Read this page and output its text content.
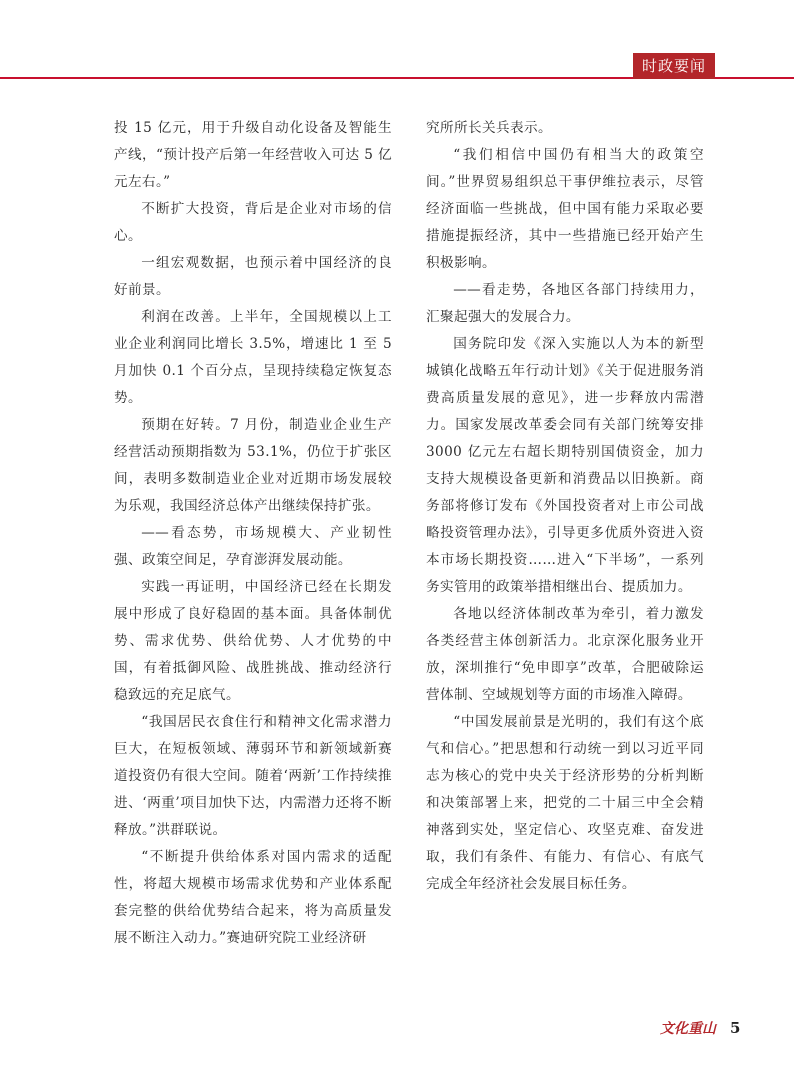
时政要闻

投 15 亿元，用于升级自动化设备及智能生产线，“预计投产后第一年经营收入可达 5 亿元左右。”

不断扩大投资，背后是企业对市场的信心。

一组宏观数据，也预示着中国经济的良好前景。

利润在改善。上半年，全国规模以上工业企业利润同比增长 3.5%，增速比 1 至 5 月加快 0.1 个百分点，呈现持续稳定恢复态势。

预期在好转。7 月份，制造业企业生产经营活动预期指数为 53.1%，仍位于扩张区间，表明多数制造业企业对近期市场发展较为乐观，我国经济总体产出继续保持扩张。

——看态势，市场规模大、产业韧性强、政策空间足，孕育澎湃发展动能。

实践一再证明，中国经济已经在长期发展中形成了良好稳固的基本面。具备体制优势、需求优势、供给优势、人才优势的中国，有着抵御风险、战胜挑战、推动经济行稳致远的充足底气。

“我国居民衣食住行和精神文化需求潜力巨大，在短板领域、薄弱环节和新领域新赛道投资仍有很大空间。随着‘两新’工作持续推进、‘两重’项目加快下达，内需潜力还将不断释放。”洪群联说。

“不断提升供给体系对国内需求的适配性，将超大规模市场需求优势和产业体系配套完整的供给优势结合起来，将为高质量发展不断注入动力。”赛迪研究院工业经济研

究所所长关兵表示。

“我们相信中国仍有相当大的政策空间。”世界贸易组织总干事伊维拉表示，尽管经济面临一些挑战，但中国有能力采取必要措施提振经济，其中一些措施已经开始产生积极影响。

——看走势，各地区各部门持续用力，汇聚起强大的发展合力。

国务院印发《深入实施以人为本的新型城镇化战略五年行动计划》《关于促进服务消费高质量发展的意见》，进一步释放内需潜力。国家发展改革委会同有关部门统筹安排 3000 亿元左右超长期特别国债资金，加力支持大规模设备更新和消费品以旧换新。商务部将修订发布《外国投资者对上市公司战略投资管理办法》，引导更多优质外资进入资本市场长期投资……进入“下半场”，一系列务实管用的政策举措相继出台、提质加力。

各地以经济体制改革为牵引，着力激发各类经营主体创新活力。北京深化服务业开放，深圳推行“免申即享”改革，合肥破除运营体制、空域规划等方面的市场准入障碍。

“中国发展前景是光明的，我们有这个底气和信心。”把思想和行动统一到以习近平同志为核心的党中央关于经济形势的分析判断和决策部署上来，把党的二十届三中全会精神落到实处，坚定信心、攻坚克难、奋发进取，我们有条件、有能力、有信心、有底气完成全年经济社会发展目标任务。

文化重山 5
